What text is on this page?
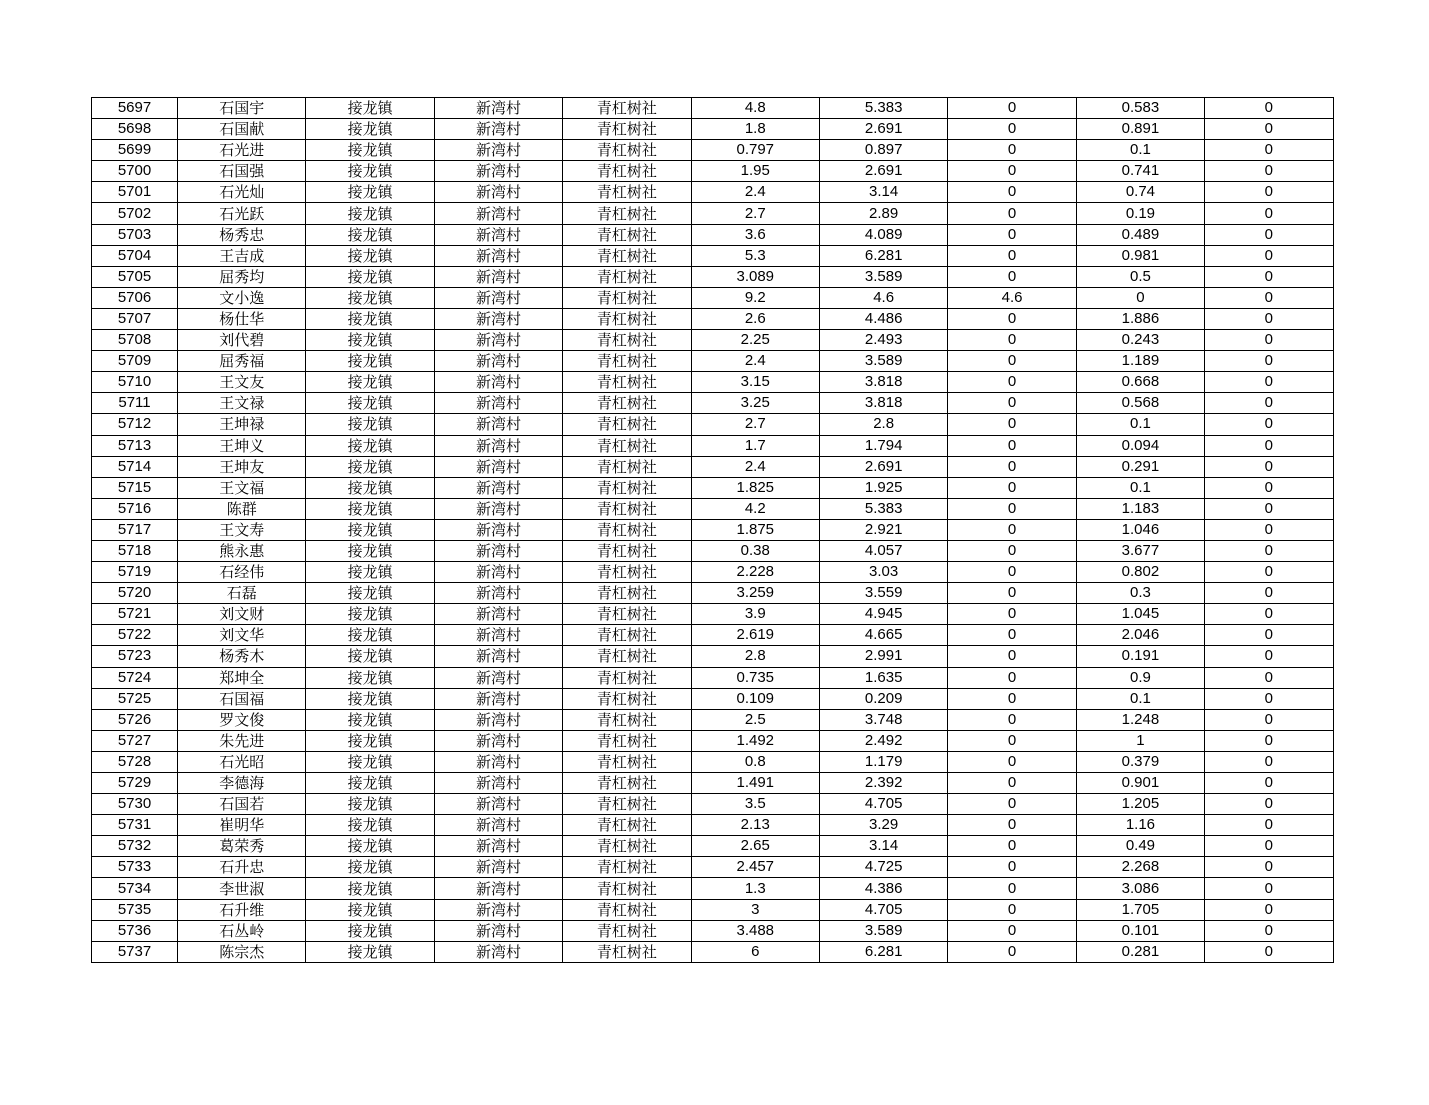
5697	石国宇	接龙镇	新湾村	青杠树社	4.8	5.383	0	0.583	0
5698	石国献	接龙镇	新湾村	青杠树社	1.8	2.691	0	0.891	0
5699	石光进	接龙镇	新湾村	青杠树社	0.797	0.897	0	0.1	0
5700	石国强	接龙镇	新湾村	青杠树社	1.95	2.691	0	0.741	0
5701	石光灿	接龙镇	新湾村	青杠树社	2.4	3.14	0	0.74	0
5702	石光跃	接龙镇	新湾村	青杠树社	2.7	2.89	0	0.19	0
5703	杨秀忠	接龙镇	新湾村	青杠树社	3.6	4.089	0	0.489	0
5704	王吉成	接龙镇	新湾村	青杠树社	5.3	6.281	0	0.981	0
5705	屈秀均	接龙镇	新湾村	青杠树社	3.089	3.589	0	0.5	0
5706	文小逸	接龙镇	新湾村	青杠树社	9.2	4.6	4.6	0	0
5707	杨仕华	接龙镇	新湾村	青杠树社	2.6	4.486	0	1.886	0
5708	刘代碧	接龙镇	新湾村	青杠树社	2.25	2.493	0	0.243	0
5709	屈秀福	接龙镇	新湾村	青杠树社	2.4	3.589	0	1.189	0
5710	王文友	接龙镇	新湾村	青杠树社	3.15	3.818	0	0.668	0
5711	王文禄	接龙镇	新湾村	青杠树社	3.25	3.818	0	0.568	0
5712	王坤禄	接龙镇	新湾村	青杠树社	2.7	2.8	0	0.1	0
5713	王坤义	接龙镇	新湾村	青杠树社	1.7	1.794	0	0.094	0
5714	王坤友	接龙镇	新湾村	青杠树社	2.4	2.691	0	0.291	0
5715	王文福	接龙镇	新湾村	青杠树社	1.825	1.925	0	0.1	0
5716	陈群	接龙镇	新湾村	青杠树社	4.2	5.383	0	1.183	0
5717	王文寿	接龙镇	新湾村	青杠树社	1.875	2.921	0	1.046	0
5718	熊永惠	接龙镇	新湾村	青杠树社	0.38	4.057	0	3.677	0
5719	石经伟	接龙镇	新湾村	青杠树社	2.228	3.03	0	0.802	0
5720	石磊	接龙镇	新湾村	青杠树社	3.259	3.559	0	0.3	0
5721	刘文财	接龙镇	新湾村	青杠树社	3.9	4.945	0	1.045	0
5722	刘文华	接龙镇	新湾村	青杠树社	2.619	4.665	0	2.046	0
5723	杨秀木	接龙镇	新湾村	青杠树社	2.8	2.991	0	0.191	0
5724	郑坤全	接龙镇	新湾村	青杠树社	0.735	1.635	0	0.9	0
5725	石国福	接龙镇	新湾村	青杠树社	0.109	0.209	0	0.1	0
5726	罗文俊	接龙镇	新湾村	青杠树社	2.5	3.748	0	1.248	0
5727	朱先进	接龙镇	新湾村	青杠树社	1.492	2.492	0	1	0
5728	石光昭	接龙镇	新湾村	青杠树社	0.8	1.179	0	0.379	0
5729	李德海	接龙镇	新湾村	青杠树社	1.491	2.392	0	0.901	0
5730	石国若	接龙镇	新湾村	青杠树社	3.5	4.705	0	1.205	0
5731	崔明华	接龙镇	新湾村	青杠树社	2.13	3.29	0	1.16	0
5732	葛荣秀	接龙镇	新湾村	青杠树社	2.65	3.14	0	0.49	0
5733	石升忠	接龙镇	新湾村	青杠树社	2.457	4.725	0	2.268	0
5734	李世淑	接龙镇	新湾村	青杠树社	1.3	4.386	0	3.086	0
5735	石升维	接龙镇	新湾村	青杠树社	3	4.705	0	1.705	0
5736	石丛岭	接龙镇	新湾村	青杠树社	3.488	3.589	0	0.101	0
5737	陈宗杰	接龙镇	新湾村	青杠树社	6	6.281	0	0.281	0
